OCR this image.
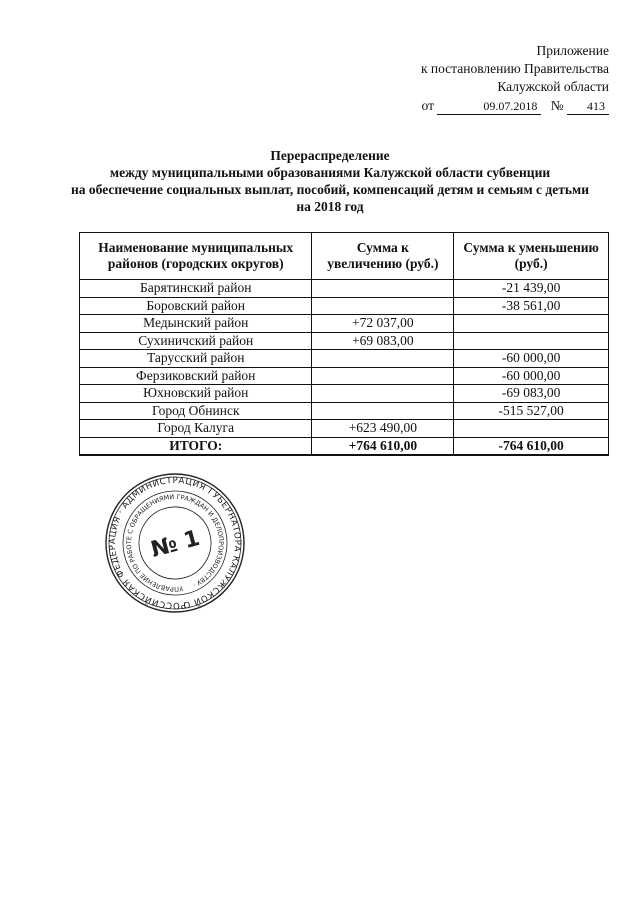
Приложение
к постановлению Правительства
Калужской области
от	09.07.2018 № 413
Перераспределение
между муниципальными образованиями Калужской области субвенции
на обеспечение социальных выплат, пособий, компенсаций детям и семьям с детьми
на 2018 год
Наименование муниципальных районов (городских округов)	Сумма к увеличению (руб.)	Сумма к уменьшению (руб.)
Барятинский район		-21 439,00
Боровский район		-38 561,00
Медынский район	+72 037,00	
Сухиничский район	+69 083,00	
Тарусский район		-60 000,00
Ферзиковский район		-60 000,00
Юхновский район		-69 083,00
Город Обнинск		-515 527,00
Город Калуга	+623 490,00	
ИТОГО:	+764 610,00	-764 610,00
РОССИЙСКАЯ ФЕДЕРАЦИЯ · АДМИНИСТРАЦИЯ ГУБЕРНАТОРА КАЛУЖСКОЙ ОБЛАСТИ
УПРАВЛЕНИЕ ПО РАБОТЕ С ОБРАЩЕНИЯМИ ГРАЖДАН И ДЕЛОПРОИЗВОДСТВУ ·
№ 1
